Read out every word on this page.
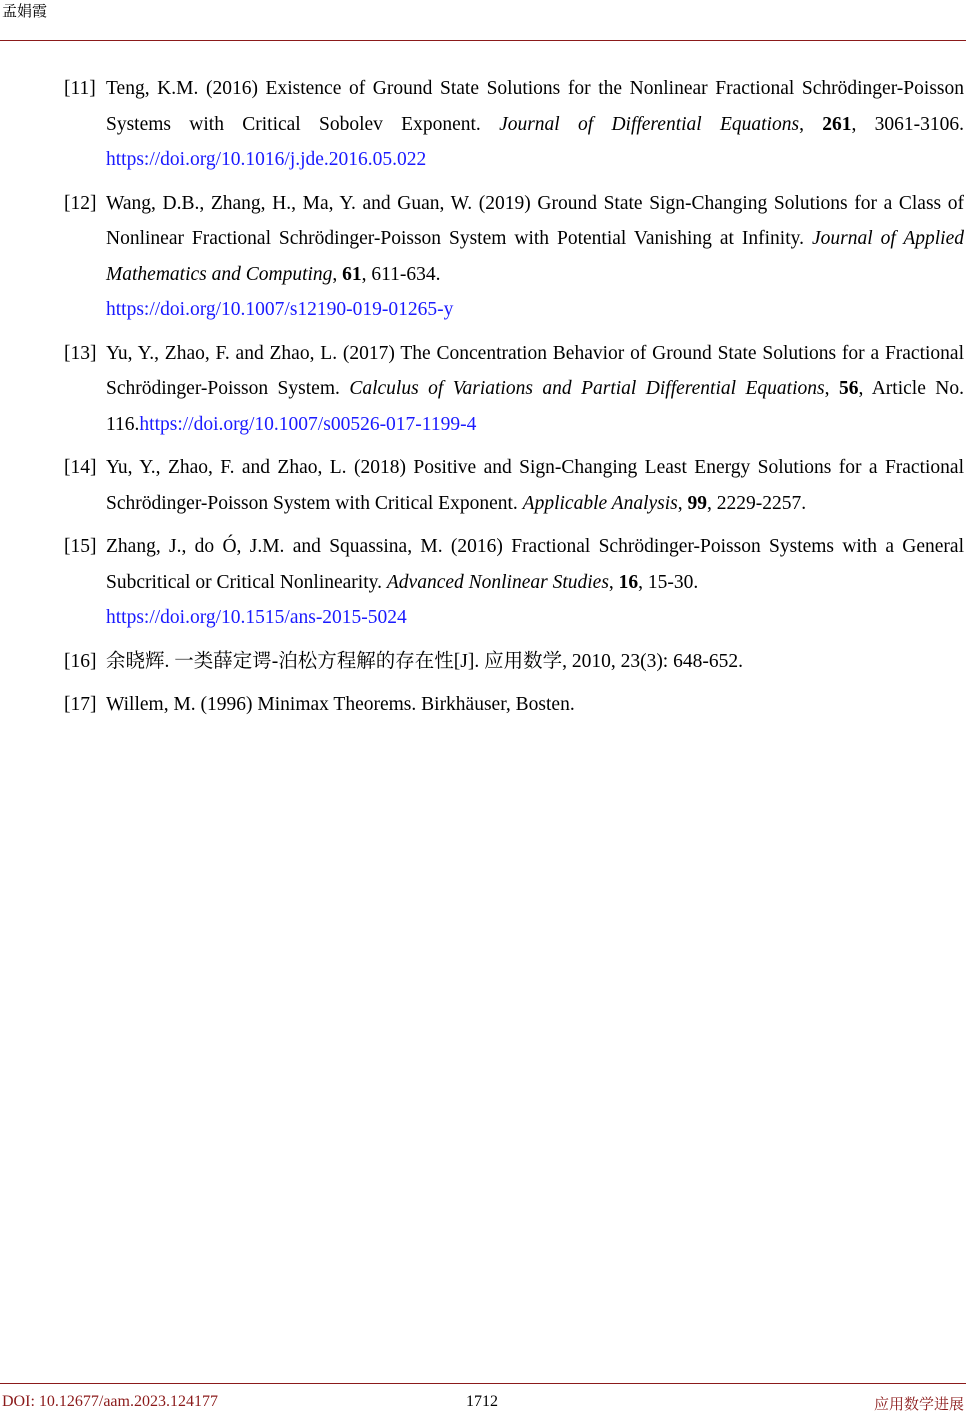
孟娟霞
[11] Teng, K.M. (2016) Existence of Ground State Solutions for the Nonlinear Fractional Schrödinger-Poisson Systems with Critical Sobolev Exponent. Journal of Differential Equations, 261, 3061-3106. https://doi.org/10.1016/j.jde.2016.05.022
[12] Wang, D.B., Zhang, H., Ma, Y. and Guan, W. (2019) Ground State Sign-Changing Solutions for a Class of Nonlinear Fractional Schrödinger-Poisson System with Potential Vanishing at Infinity. Journal of Applied Mathematics and Computing, 61, 611-634.
https://doi.org/10.1007/s12190-019-01265-y
[13] Yu, Y., Zhao, F. and Zhao, L. (2017) The Concentration Behavior of Ground State Solutions for a Fractional Schrödinger-Poisson System. Calculus of Variations and Partial Differential Equations, 56, Article No. 116.https://doi.org/10.1007/s00526-017-1199-4
[14] Yu, Y., Zhao, F. and Zhao, L. (2018) Positive and Sign-Changing Least Energy Solutions for a Fractional Schrödinger-Poisson System with Critical Exponent. Applicable Analysis, 99, 2229-2257.
[15] Zhang, J., do Ó, J.M. and Squassina, M. (2016) Fractional Schrödinger-Poisson Systems with a General Subcritical or Critical Nonlinearity. Advanced Nonlinear Studies, 16, 15-30.
https://doi.org/10.1515/ans-2015-5024
[16] 余晓辉. 一类薛定谔-泊松方程解的存在性[J]. 应用数学, 2010, 23(3): 648-652.
[17] Willem, M. (1996) Minimax Theorems. Birkhäuser, Bosten.
DOI: 10.12677/aam.2023.124177	1712	应用数学进展
